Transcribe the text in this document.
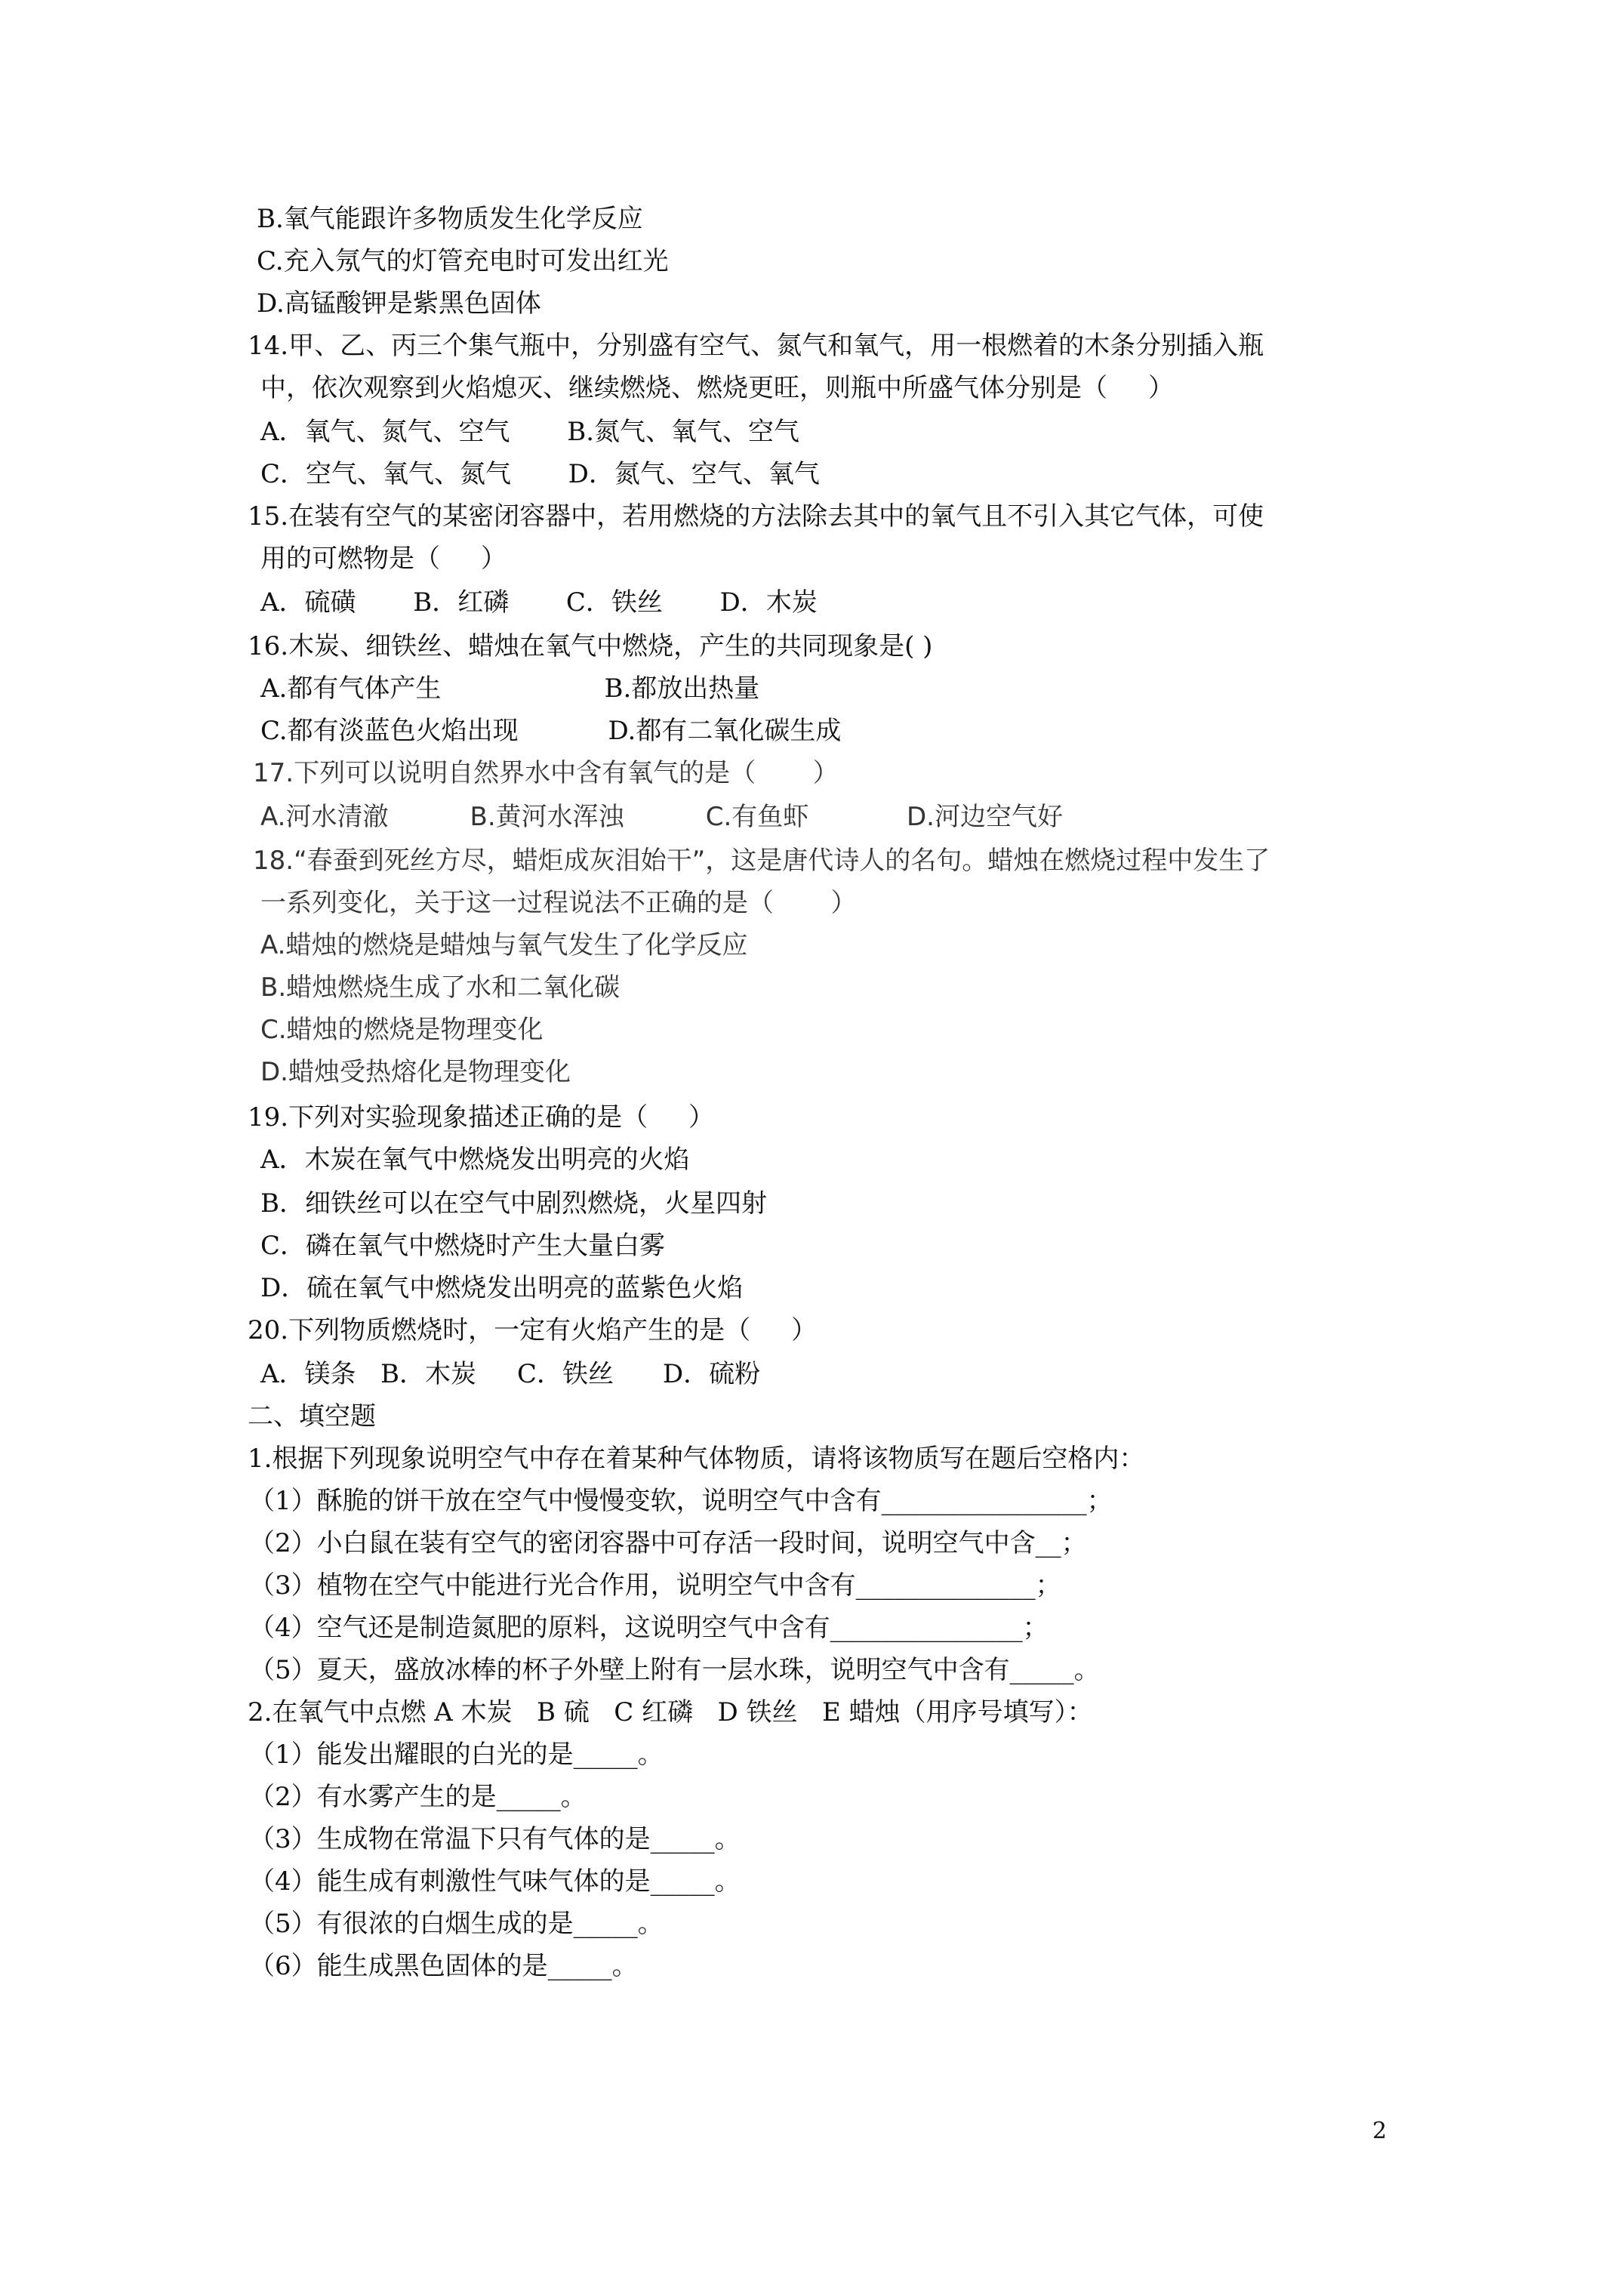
B.氧气能跟许多物质发生化学反应
C.充入氖气的灯管充电时可发出红光
D.高锰酸钾是紫黑色固体
14.甲、乙、丙三个集气瓶中，分别盛有空气、氮气和氧气，用一根燃着的木条分别插入瓶
中，依次观察到火焰熄灭、继续燃烧、燃烧更旺，则瓶中所盛气体分别是（     ）
A．氧气、氮气、空气       B.氮气、氧气、空气
C．空气、氧气、氮气       D．氮气、空气、氧气
15.在装有空气的某密闭容器中，若用燃烧的方法除去其中的氧气且不引入其它气体，可使
用的可燃物是（     ）
A．硫磺       B．红磷       C．铁丝       D．木炭
16.木炭、细铁丝、蜡烛在氧气中燃烧，产生的共同现象是( )
A.都有气体产生                    B.都放出热量
C.都有淡蓝色火焰出现           D.都有二氧化碳生成
17.下列可以说明自然界水中含有氧气的是（       ）
A.河水清澈          B.黄河水浑浊          C.有鱼虾            D.河边空气好
18.“春蚕到死丝方尽，蜡炬成灰泪始干”，这是唐代诗人的名句。蜡烛在燃烧过程中发生了
一系列变化，关于这一过程说法不正确的是（       ）
A.蜡烛的燃烧是蜡烛与氧气发生了化学反应
B.蜡烛燃烧生成了水和二氧化碳
C.蜡烛的燃烧是物理变化
D.蜡烛受热熔化是物理变化
19.下列对实验现象描述正确的是（     ）
A．木炭在氧气中燃烧发出明亮的火焰
B．细铁丝可以在空气中剧烈燃烧，火星四射
C．磷在氧气中燃烧时产生大量白雾
D．硫在氧气中燃烧发出明亮的蓝紫色火焰
20.下列物质燃烧时，一定有火焰产生的是（     ）
A．镁条   B．木炭     C．铁丝      D．硫粉
二、填空题
1.根据下列现象说明空气中存在着某种气体物质，请将该物质写在题后空格内：
（1）酥脆的饼干放在空气中慢慢变软，说明空气中含有________________；
（2）小白鼠在装有空气的密闭容器中可存活一段时间，说明空气中含__；
（3）植物在空气中能进行光合作用，说明空气中含有______________；
（4）空气还是制造氮肥的原料，这说明空气中含有_______________；
（5）夏天，盛放冰棒的杯子外壁上附有一层水珠，说明空气中含有_____。
2.在氧气中点燃 A 木炭   B 硫   C 红磷   D 铁丝   E 蜡烛（用序号填写）：
（1）能发出耀眼的白光的是_____。
（2）有水雾产生的是_____。
（3）生成物在常温下只有气体的是_____。
（4）能生成有刺激性气味气体的是_____。
（5）有很浓的白烟生成的是_____。
（6）能生成黑色固体的是_____。
2
